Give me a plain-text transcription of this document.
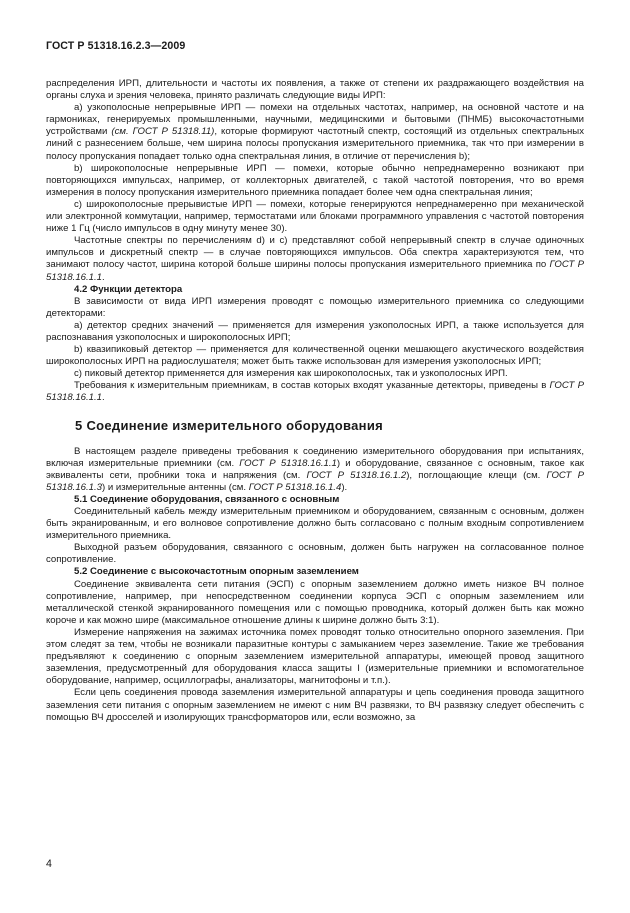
ГОСТ Р 51318.16.2.3—2009

распределения ИРП, длительности и частоты их появления, а также от степени их раздражающего воздействия на органы слуха и зрения человека, принято различать следующие виды ИРП:

а) узкополосные непрерывные ИРП — помехи на отдельных частотах, например, на основной частоте и на гармониках, генерируемых промышленными, научными, медицинскими и бытовыми (ПНМБ) высокочастотными устройствами (см. ГОСТ Р 51318.11), которые формируют частотный спектр, состоящий из отдельных спектральных линий с разнесением больше, чем ширина полосы пропускания измерительного приемника, так что при измерении в полосу пропускания попадает только одна спектральная линия, в отличие от перечисления b);

b) широкополосные непрерывные ИРП — помехи, которые обычно непреднамеренно возникают при повторяющихся импульсах, например, от коллекторных двигателей, с такой частотой повторения, что во время измерения в полосу пропускания измерительного приемника попадает более чем одна спектральная линия;

с) широкополосные прерывистые ИРП — помехи, которые генерируются непреднамеренно при механической или электронной коммутации, например, термостатами или блоками программного управления с частотой повторения ниже 1 Гц (число импульсов в одну минуту менее 30).

Частотные спектры по перечислениям d) и с) представляют собой непрерывный спектр в случае одиночных импульсов и дискретный спектр — в случае повторяющихся импульсов. Оба спектра характеризуются тем, что занимают полосу частот, ширина которой больше ширины полосы пропускания измерительного приемника по ГОСТ Р 51318.16.1.1.

4.2 Функции детектора

В зависимости от вида ИРП измерения проводят с помощью измерительного приемника со следующими детекторами:

а) детектор средних значений — применяется для измерения узкополосных ИРП, а также используется для распознавания узкополосных и широкополосных ИРП;

b) квазипиковый детектор — применяется для количественной оценки мешающего акустического воздействия широкополосных ИРП на радиослушателя; может быть также использован для измерения узкополосных ИРП;

с) пиковый детектор применяется для измерения как широкополосных, так и узкополосных ИРП.

Требования к измерительным приемникам, в состав которых входят указанные детекторы, приведены в ГОСТ Р 51318.16.1.1.

5 Соединение измерительного оборудования

В настоящем разделе приведены требования к соединению измерительного оборудования при испытаниях, включая измерительные приемники (см. ГОСТ Р 51318.16.1.1) и оборудование, связанное с основным, такое как эквиваленты сети, пробники тока и напряжения (см. ГОСТ Р 51318.16.1.2), поглощающие клещи (см. ГОСТ Р 51318.16.1.3) и измерительные антенны (см. ГОСТ Р 51318.16.1.4).

5.1 Соединение оборудования, связанного с основным

Соединительный кабель между измерительным приемником и оборудованием, связанным с основным, должен быть экранированным, и его волновое сопротивление должно быть согласовано с полным входным сопротивлением измерительного приемника.

Выходной разъем оборудования, связанного с основным, должен быть нагружен на согласованное полное сопротивление.

5.2 Соединение с высокочастотным опорным заземлением

Соединение эквивалента сети питания (ЭСП) с опорным заземлением должно иметь низкое ВЧ полное сопротивление, например, при непосредственном соединении корпуса ЭСП с опорным заземлением или металлической стенкой экранированного помещения или с помощью проводника, который должен быть как можно короче и как можно шире (максимальное отношение длины к ширине должно быть 3:1).

Измерение напряжения на зажимах источника помех проводят только относительно опорного заземления. При этом следят за тем, чтобы не возникали паразитные контуры с замыканием через заземление. Такие же требования предъявляют к соединению с опорным заземлением измерительной аппаратуры, имеющей провод защитного заземления, предусмотренный для оборудования класса защиты I (измерительные приемники и вспомогательное оборудование, например, осциллографы, анализаторы, магнитофоны и т.п.).

Если цепь соединения провода заземления измерительной аппаратуры и цепь соединения провода защитного заземления сети питания с опорным заземлением не имеют с ним ВЧ развязки, то ВЧ развязку следует обеспечить с помощью ВЧ дросселей и изолирующих трансформаторов или, если возможно, за

4
